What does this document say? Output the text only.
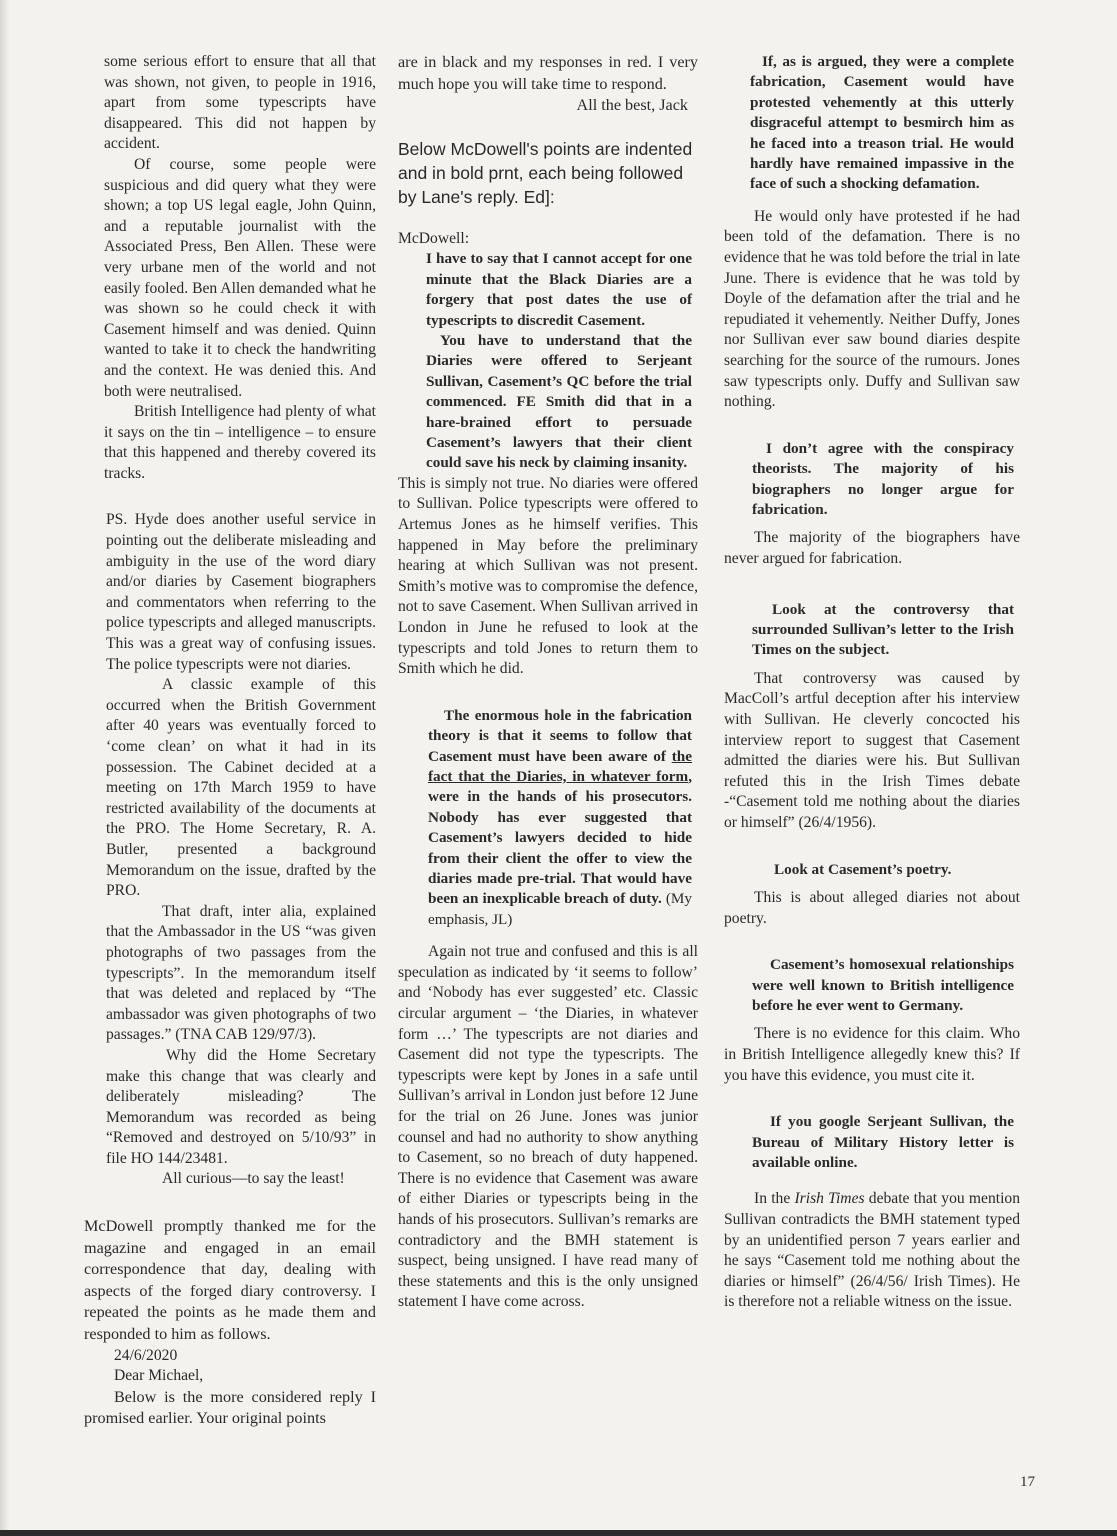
some serious effort to ensure that all that was shown, not given, to people in 1916, apart from some typescripts have disappeared. This did not happen by accident.

Of course, some people were suspicious and did query what they were shown; a top US legal eagle, John Quinn, and a reputable journalist with the Associated Press, Ben Allen. These were very urbane men of the world and not easily fooled. Ben Allen demanded what he was shown so he could check it with Casement himself and was denied. Quinn wanted to take it to check the handwriting and the context. He was denied this. And both were neutralised.

British Intelligence had plenty of what it says on the tin – intelligence – to ensure that this happened and thereby covered its tracks.

PS. Hyde does another useful service in pointing out the deliberate misleading and ambiguity in the use of the word diary and/or diaries by Casement biographers and commentators when referring to the police typescripts and alleged manuscripts. This was a great way of confusing issues. The police typescripts were not diaries.

A classic example of this occurred when the British Government after 40 years was eventually forced to ‘come clean’ on what it had in its possession. The Cabinet decided at a meeting on 17th March 1959 to have restricted availability of the documents at the PRO. The Home Secretary, R. A. Butler, presented a background Memorandum on the issue, drafted by the PRO.

That draft, inter alia, explained that the Ambassador in the US “was given photographs of two passages from the typescripts”. In the memorandum itself that was deleted and replaced by “The ambassador was given photographs of two passages.” (TNA CAB 129/97/3).

Why did the Home Secretary make this change that was clearly and deliberately misleading? The Memorandum was recorded as being “Removed and destroyed on 5/10/93” in file HO 144/23481.

All curious—to say the least!

McDowell promptly thanked me for the magazine and engaged in an email correspondence that day, dealing with aspects of the forged diary controversy. I repeated the points as he made them and responded to him as follows.

24/6/2020

Dear Michael,

Below is the more considered reply I promised earlier. Your original points

are in black and my responses in red. I very much hope you will take time to respond.

All the best, Jack

Below McDowell's points are indented and in bold prnt, each being followed by Lane's reply. Ed]:

McDowell:

I have to say that I cannot accept for one minute that the Black Diaries are a forgery that post dates the use of typescripts to discredit Casement.

You have to understand that the Diaries were offered to Serjeant Sullivan, Casement’s QC before the trial commenced. FE Smith did that in a hare-brained effort to persuade Casement’s lawyers that their client could save his neck by claiming insanity.

This is simply not true. No diaries were offered to Sullivan. Police typescripts were offered to Artemus Jones as he himself verifies. This happened in May before the preliminary hearing at which Sullivan was not present. Smith’s motive was to compromise the defence, not to save Casement. When Sullivan arrived in London in June he refused to look at the typescripts and told Jones to return them to Smith which he did.

The enormous hole in the fabrication theory is that it seems to follow that Casement must have been aware of the fact that the Diaries, in whatever form, were in the hands of his prosecutors. Nobody has ever suggested that Casement’s lawyers decided to hide from their client the offer to view the diaries made pre-trial. That would have been an inexplicable breach of duty. (My emphasis, JL)

Again not true and confused and this is all speculation as indicated by ‘it seems to follow’ and ‘Nobody has ever suggested’ etc. Classic circular argument – ‘the Diaries, in whatever form …’ The typescripts are not diaries and Casement did not type the typescripts. The typescripts were kept by Jones in a safe until Sullivan’s arrival in London just before 12 June for the trial on 26 June. Jones was junior counsel and had no authority to show anything to Casement, so no breach of duty happened. There is no evidence that Casement was aware of either Diaries or typescripts being in the hands of his prosecutors. Sullivan’s remarks are contradictory and the BMH statement is suspect, being unsigned. I have read many of these statements and this is the only unsigned statement I have come across.

If, as is argued, they were a complete fabrication, Casement would have protested vehemently at this utterly disgraceful attempt to besmirch him as he faced into a treason trial. He would hardly have remained impassive in the face of such a shocking defamation.

He would only have protested if he had been told of the defamation. There is no evidence that he was told before the trial in late June. There is evidence that he was told by Doyle of the defamation after the trial and he repudiated it vehemently. Neither Duffy, Jones nor Sullivan ever saw bound diaries despite searching for the source of the rumours. Jones saw typescripts only. Duffy and Sullivan saw nothing.

I don’t agree with the conspiracy theorists. The majority of his biographers no longer argue for fabrication.

The majority of the biographers have never argued for fabrication.

Look at the controversy that surrounded Sullivan’s letter to the Irish Times on the subject.

That controversy was caused by MacColl’s artful deception after his interview with Sullivan. He cleverly concocted his interview report to suggest that Casement admitted the diaries were his. But Sullivan refuted this in the Irish Times debate -“Casement told me nothing about the diaries or himself” (26/4/1956).

Look at Casement’s poetry.

This is about alleged diaries not about poetry.

Casement’s homosexual relationships were well known to British intelligence before he ever went to Germany.

There is no evidence for this claim. Who in British Intelligence allegedly knew this? If you have this evidence, you must cite it.

If you google Serjeant Sullivan, the Bureau of Military History letter is available online.

In the Irish Times debate that you mention Sullivan contradicts the BMH statement typed by an unidentified person 7 years earlier and he says “Casement told me nothing about the diaries or himself” (26/4/56/ Irish Times). He is therefore not a reliable witness on the issue.

17
